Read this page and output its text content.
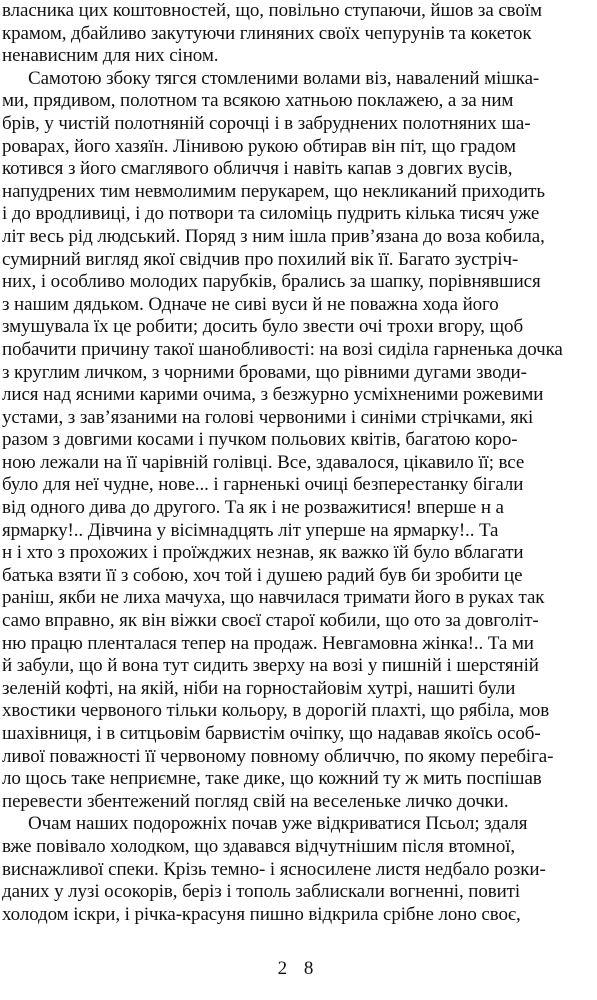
власника цих коштовностей, що, повільно ступаючи, йшов за своїм
крамом, дбайливо закутуючи глиняних своїх чепурунів та кокеток
ненависним для них сіном.
Самотою збоку тягся стомленими волами віз, навалений мішка-
ми, прядивом, полотном та всякою хатньою поклажею, а за ним
брів, у чистій полотняній сорочці і в забруднених полотняних ша-
роварах, його хазяїн. Лінивою рукою обтирав він піт, що градом
котився з його смаглявого обличчя і навіть капав з довгих вусів,
напудрених тим невмолимим перукарем, що некликаний приходить
і до вродливиці, і до потвори та силоміць пудрить кілька тисяч уже
літ весь рід людський. Поряд з ним ішла прив’язана до воза кобила,
сумирний вигляд якої свідчив про похилий вік її. Багато зустріч-
них, і особливо молодих парубків, брались за шапку, порівнявшися
з нашим дядьком. Одначе не сиві вуси й не поважна хода його
змушувала їх це робити; досить було звести очі трохи вгору, щоб
побачити причину такої шанобливості: на возі сиділа гарненька дочка
з круглим личком, з чорними бровами, що рівними дугами зводи-
лися над ясними карими очима, з безжурно усміхненими рожевими
устами, з зав’язаними на голові червоними і синіми стрічками, які
разом з довгими косами і пучком польових квітів, багатою коро-
ною лежали на її чарівній голівці. Все, здавалося, цікавило її; все
було для неї чудне, нове... і гарненькі очиці безперестанку бігали
від одного дива до другого. Та як і не розважитися! вперше н а
ярмарку!.. Дівчина у вісімнадцять літ уперше на ярмарку!.. Та
н і хто з прохожих і проїжджих незнав, як важко їй було вблагати
батька взяти її з собою, хоч той і душею радий був би зробити це
раніш, якби не лиха мачуха, що навчилася тримати його в руках так
само вправно, як він віжки своєї старої кобили, що ото за довголіт-
ню працю пленталася тепер на продаж. Невгамовна жінка!.. Та ми
й забули, що й вона тут сидить зверху на возі у пишній і шерстяній
зеленій кофті, на якій, ніби на горностайовім хутрі, нашиті були
хвостики червоного тільки кольору, в дорогій плахті, що рябіла, мов
шахівниця, і в ситцьовім барвистім очіпку, що надавав якоїсь особ-
ливої поважності її червоному повному обличчю, по якому перебіга-
ло щось таке неприємне, таке дике, що кожний ту ж мить поспішав
перевести збентежений погляд свій на веселеньке личко дочки.
Очам наших подорожніх почав уже відкриватися Псьол; здаля
вже повівало холодком, що здавався відчутнішим після втомної,
виснажливої спеки. Крізь темно- і ясносилене листя недбало розки-
даних у лузі осокорів, беріз і тополь заблискали вогненні, повиті
холодом іскри, і річка-красуня пишно відкрила срібне лоно своє,
2 8
